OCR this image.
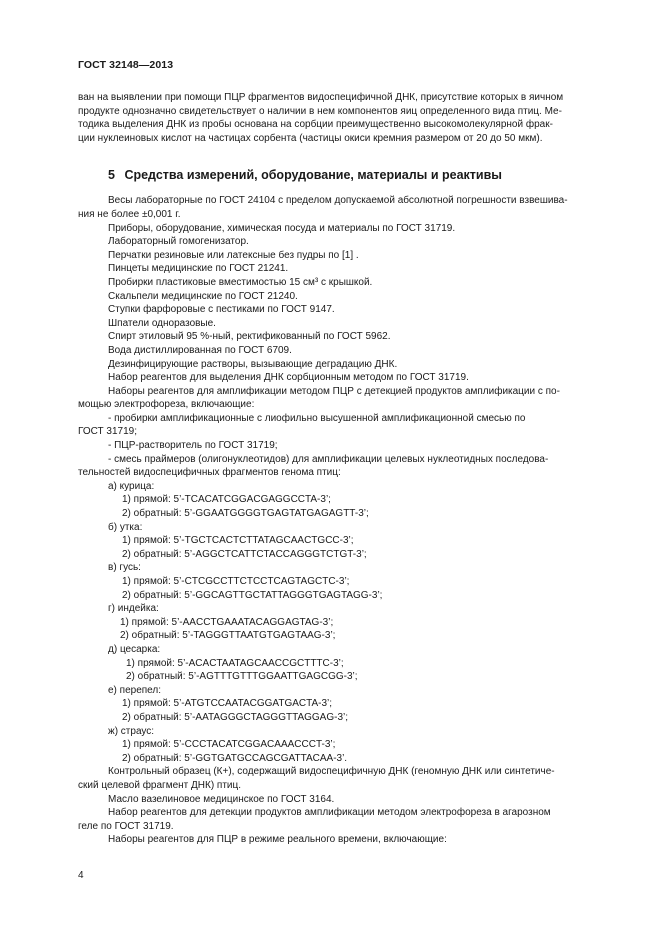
ГОСТ 32148—2013
ван на выявлении при помощи ПЦР фрагментов видоспецифичной ДНК, присутствие которых в яичном
продукте однозначно свидетельствует о наличии в нем компонентов яиц определенного вида птиц. Ме-
тодика выделения ДНК из пробы основана на сорбции преимущественно высокомолекулярной фрак-
ции нуклеиновых кислот на частицах сорбента (частицы окиси кремния размером от 20 до 50 мкм).
5 Средства измерений, оборудование, материалы и реактивы
Весы лабораторные по ГОСТ 24104 с пределом допускаемой абсолютной погрешности взвешива-
ния не более ±0,001 г.
Приборы, оборудование, химическая посуда и материалы по ГОСТ 31719.
Лабораторный гомогенизатор.
Перчатки резиновые или латексные без пудры по [1] .
Пинцеты медицинские по ГОСТ 21241.
Пробирки пластиковые вместимостью 15 см³ с крышкой.
Скальпели медицинские по ГОСТ 21240.
Ступки фарфоровые с пестиками по ГОСТ 9147.
Шпатели одноразовые.
Спирт этиловый 95 %-ный, ректификованный по ГОСТ 5962.
Вода дистиллированная по ГОСТ 6709.
Дезинфицирующие растворы, вызывающие деградацию ДНК.
Набор реагентов для выделения ДНК сорбционным методом по ГОСТ 31719.
Наборы реагентов для амплификации методом ПЦР с детекцией продуктов амплификации с по-
мощью электрофореза, включающие:
- пробирки амплификационные с лиофильно высушенной амплификационной смесью по
ГОСТ 31719;
- ПЦР-растворитель по ГОСТ 31719;
- смесь праймеров (олигонуклеотидов) для амплификации целевых нуклеотидных последова-
тельностей видоспецифичных фрагментов генома птиц:
а) курица:
1) прямой: 5’-TCACATCGGACGAGGCCTA-3’;
2) обратный: 5’-GGAATGGGGTGAGTATGAGAGTT-3’;
б) утка:
1) прямой: 5’-TGCTCACTCTTATAGCAACTGCC-3’;
2) обратный: 5’-AGGCTCATTCTACCAGGGTCTGT-3’;
в) гусь:
1) прямой: 5’-CTCGCCTTCTCCTCAGTAGCTC-3’;
2) обратный: 5’-GGCAGTTGCTATTAGGGTGAGTAGG-3’;
г) индейка:
1) прямой: 5’-AACCTGAAATACAGGAGTAG-3’;
2) обратный: 5’-TAGGGTTAATGTGAGTAAG-3’;
д) цесарка:
1) прямой: 5’-ACACTAATAGCAACCGCTTTC-3’;
2) обратный: 5’-AGTTTGTTTGGAATTGAGCGG-3’;
е) перепел:
1) прямой: 5’-ATGTCCAATACGGATGACTA-3’;
2) обратный: 5’-AATAGGGCTAGGGTTAGGAG-3’;
ж) страус:
1) прямой: 5’-CCCTACATCGGACAAACCCT-3’;
2) обратный: 5’-GGTGATGCCAGCGATTACAA-3’.
Контрольный образец (К+), содержащий видоспецифичную ДНК (геномную ДНК или синтетиче-
ский целевой фрагмент ДНК) птиц.
Масло вазелиновое медицинское по ГОСТ 3164.
Набор реагентов для детекции продуктов амплификации методом электрофореза в агарозном
геле по ГОСТ 31719.
Наборы реагентов для ПЦР в режиме реального времени, включающие:
4
